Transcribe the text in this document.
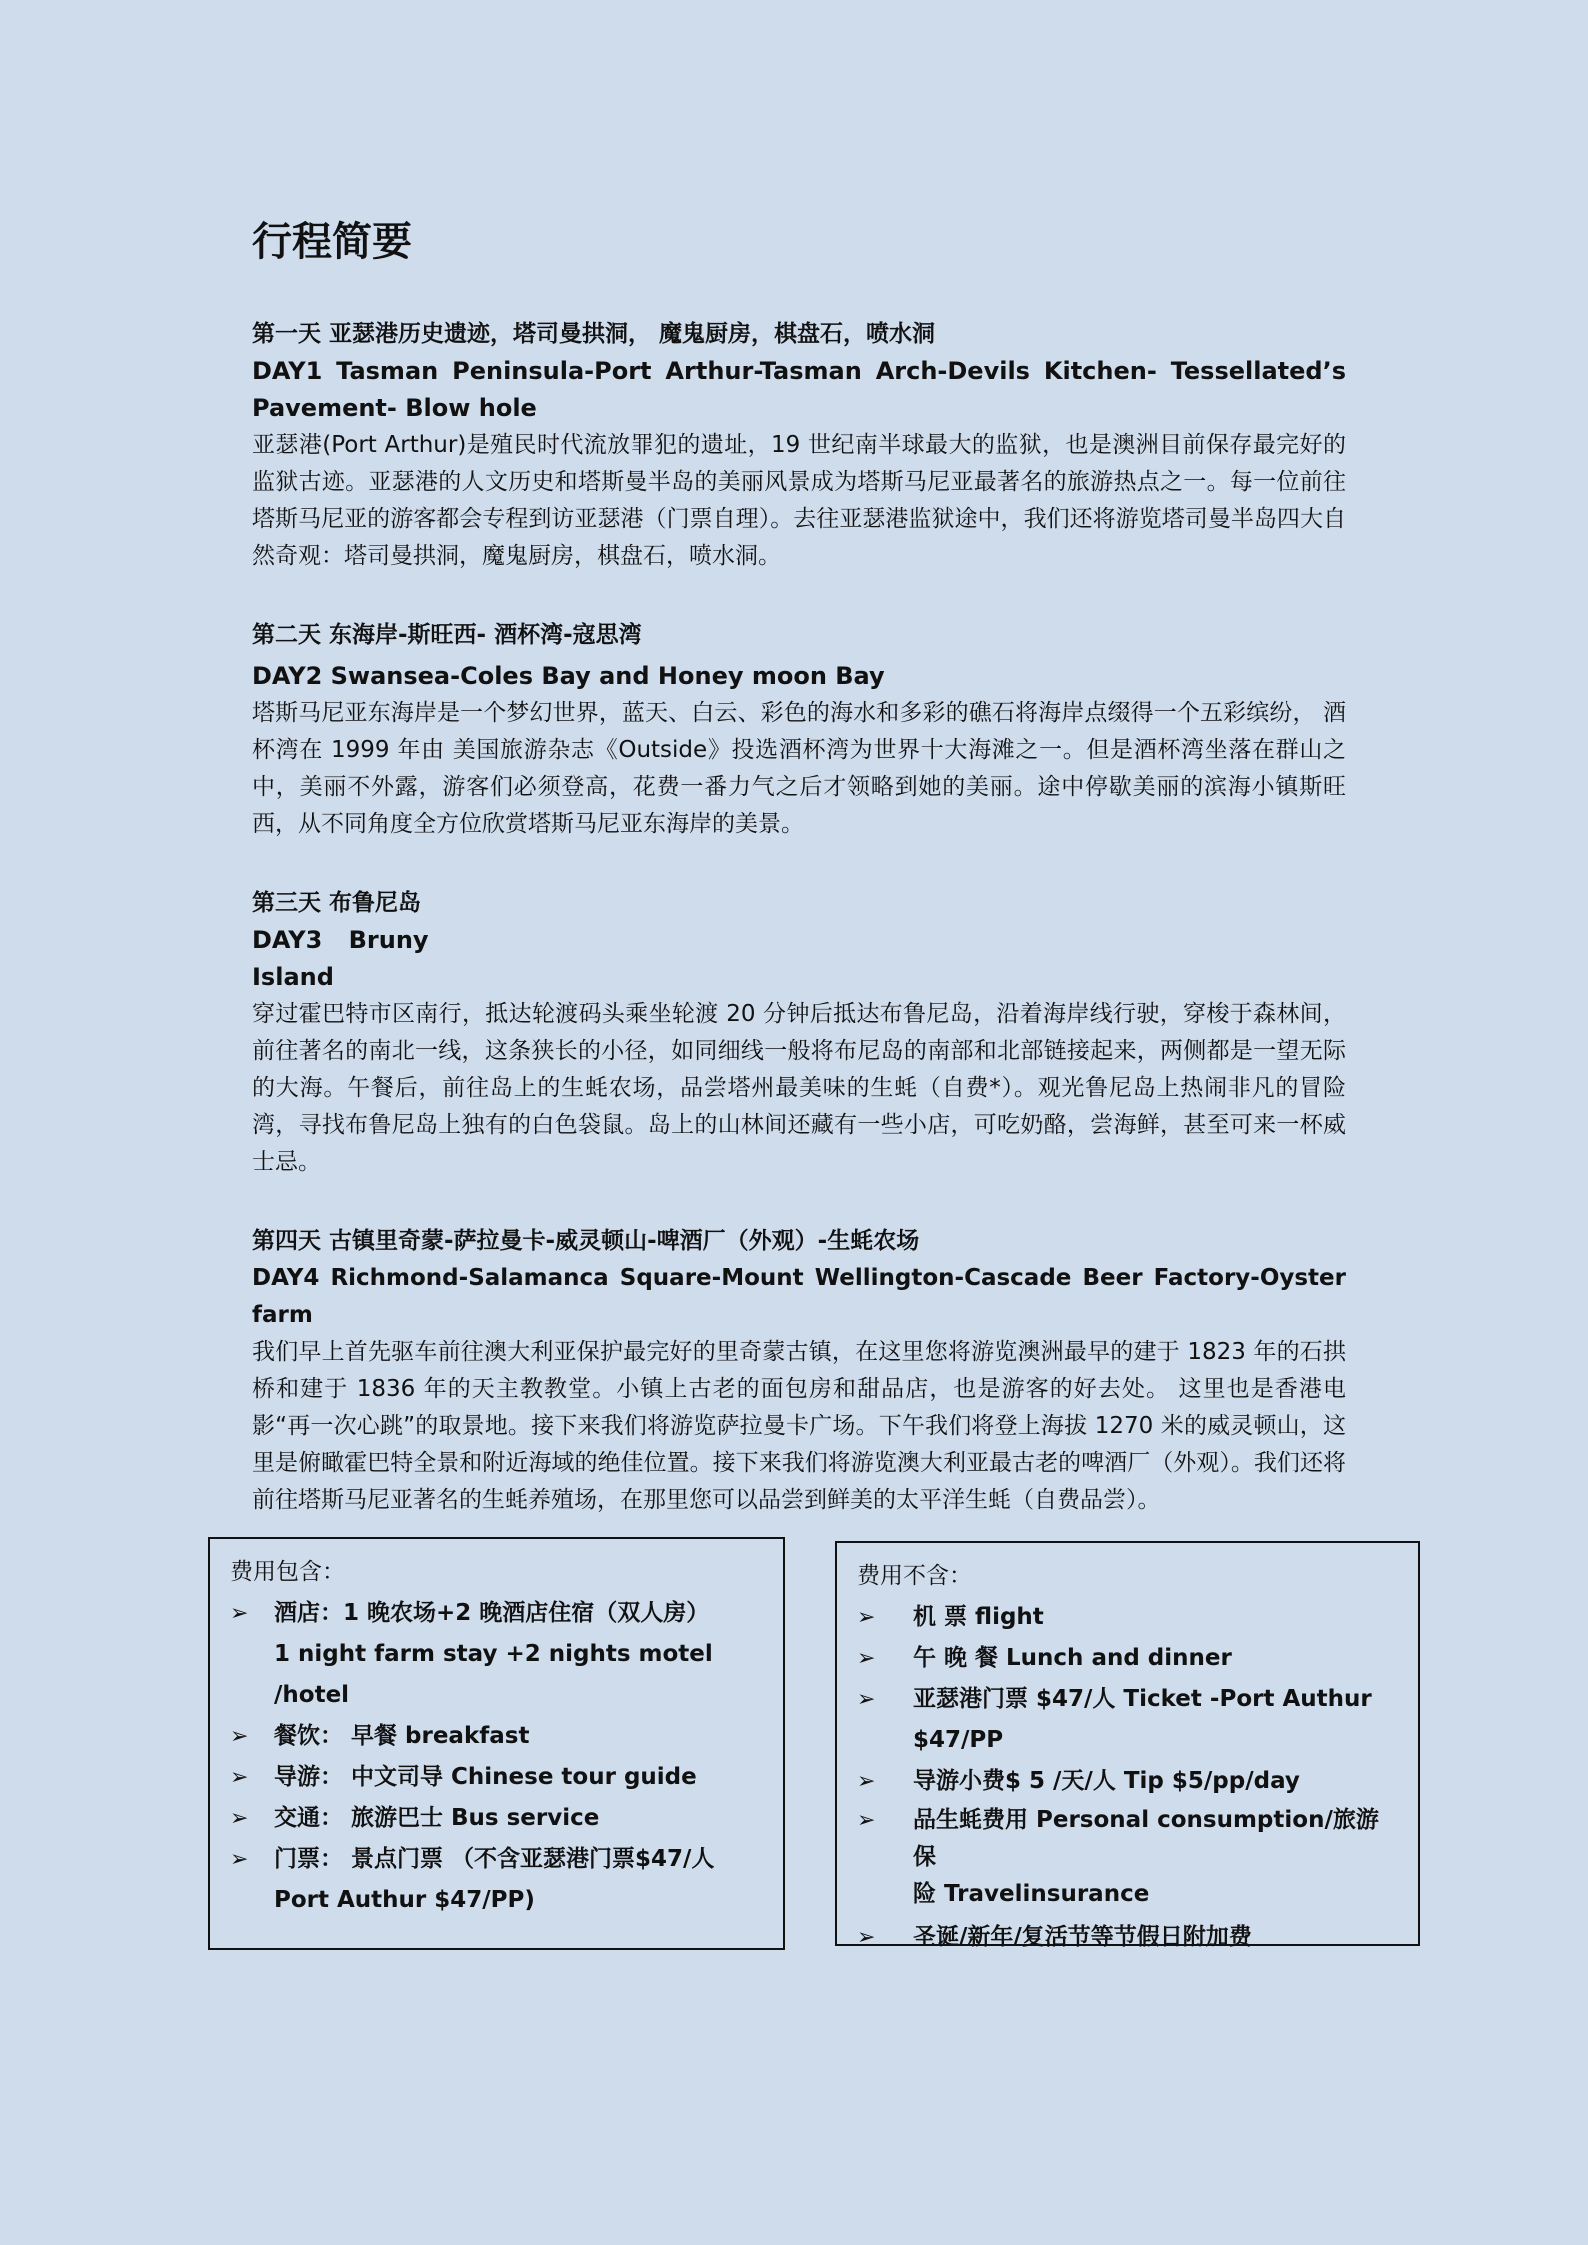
行程简要
第一天 亚瑟港历史遗迹，塔司曼拱洞， 魔鬼厨房，棋盘石，喷水洞
DAY1 Tasman Peninsula-Port Arthur-Tasman Arch-Devils Kitchen- Tessellated’s
Pavement- Blow hole
亚瑟港(Port Arthur)是殖民时代流放罪犯的遗址，19 世纪南半球最大的监狱，也是澳洲目前保存最完好的监狱古迹。亚瑟港的人文历史和塔斯曼半岛的美丽风景成为塔斯马尼亚最著名的旅游热点之一。每一位前往塔斯马尼亚的游客都会专程到访亚瑟港（门票自理）。去往亚瑟港监狱途中，我们还将游览塔司曼半岛四大自然奇观：塔司曼拱洞，魔鬼厨房，棋盘石，喷水洞。
第二天 东海岸-斯旺西- 酒杯湾-寇思湾
DAY2 Swansea-Coles Bay and Honey moon Bay
塔斯马尼亚东海岸是一个梦幻世界，蓝天、白云、彩色的海水和多彩的礁石将海岸点缀得一个五彩缤纷， 酒杯湾在 1999 年由 美国旅游杂志《Outside》投选酒杯湾为世界十大海滩之一。但是酒杯湾坐落在群山之中，美丽不外露，游客们必须登高，花费一番力气之后才领略到她的美丽。途中停歇美丽的滨海小镇斯旺西，从不同角度全方位欣赏塔斯马尼亚东海岸的美景。
第三天 布鲁尼岛
DAY3 Bruny
Island
穿过霍巴特市区南行，抵达轮渡码头乘坐轮渡 20 分钟后抵达布鲁尼岛，沿着海岸线行驶，穿梭于森林间，前往著名的南北一线，这条狭长的小径，如同细线一般将布尼岛的南部和北部链接起来，两侧都是一望无际的大海。午餐后，前往岛上的生蚝农场，品尝塔州最美味的生蚝（自费*）。观光鲁尼岛上热闹非凡的冒险湾，寻找布鲁尼岛上独有的白色袋鼠。岛上的山林间还藏有一些小店，可吃奶酪，尝海鲜，甚至可来一杯威士忌。
第四天 古镇里奇蒙-萨拉曼卡-威灵顿山-啤酒厂（外观）-生蚝农场
DAY4 Richmond-Salamanca Square-Mount Wellington-Cascade Beer Factory-Oyster farm
我们早上首先驱车前往澳大利亚保护最完好的里奇蒙古镇，在这里您将游览澳洲最早的建于 1823 年的石拱桥和建于 1836 年的天主教教堂。小镇上古老的面包房和甜品店，也是游客的好去处。 这里也是香港电影“再一次心跳”的取景地。接下来我们将游览萨拉曼卡广场。下午我们将登上海拔 1270 米的威灵顿山，这里是俯瞰霍巴特全景和附近海域的绝佳位置。接下来我们将游览澳大利亚最古老的啤酒厂（外观）。我们还将前往塔斯马尼亚著名的生蚝养殖场，在那里您可以品尝到鲜美的太平洋生蚝（自费品尝）。
费用包含：
➢ 酒店：1 晚农场+2 晚酒店住宿（双人房）
1 night farm stay +2 nights motel /hotel
➢ 餐饮： 早餐 breakfast
➢ 导游： 中文司导 Chinese tour guide
➢ 交通： 旅游巴士 Bus service
➢ 门票： 景点门票 （不含亚瑟港门票$47/人
Port Authur $47/PP)
费用不含：
➢ 机 票 flight
➢ 午 晚 餐 Lunch and dinner
➢ 亚瑟港门票 $47/人 Ticket -Port Authur
$47/PP
➢ 导游小费$ 5 /天/人 Tip $5/pp/day
➢ 品生蚝费用 Personal consumption/旅游保
险 Travelinsurance
➢ 圣诞/新年/复活节等节假日附加费
